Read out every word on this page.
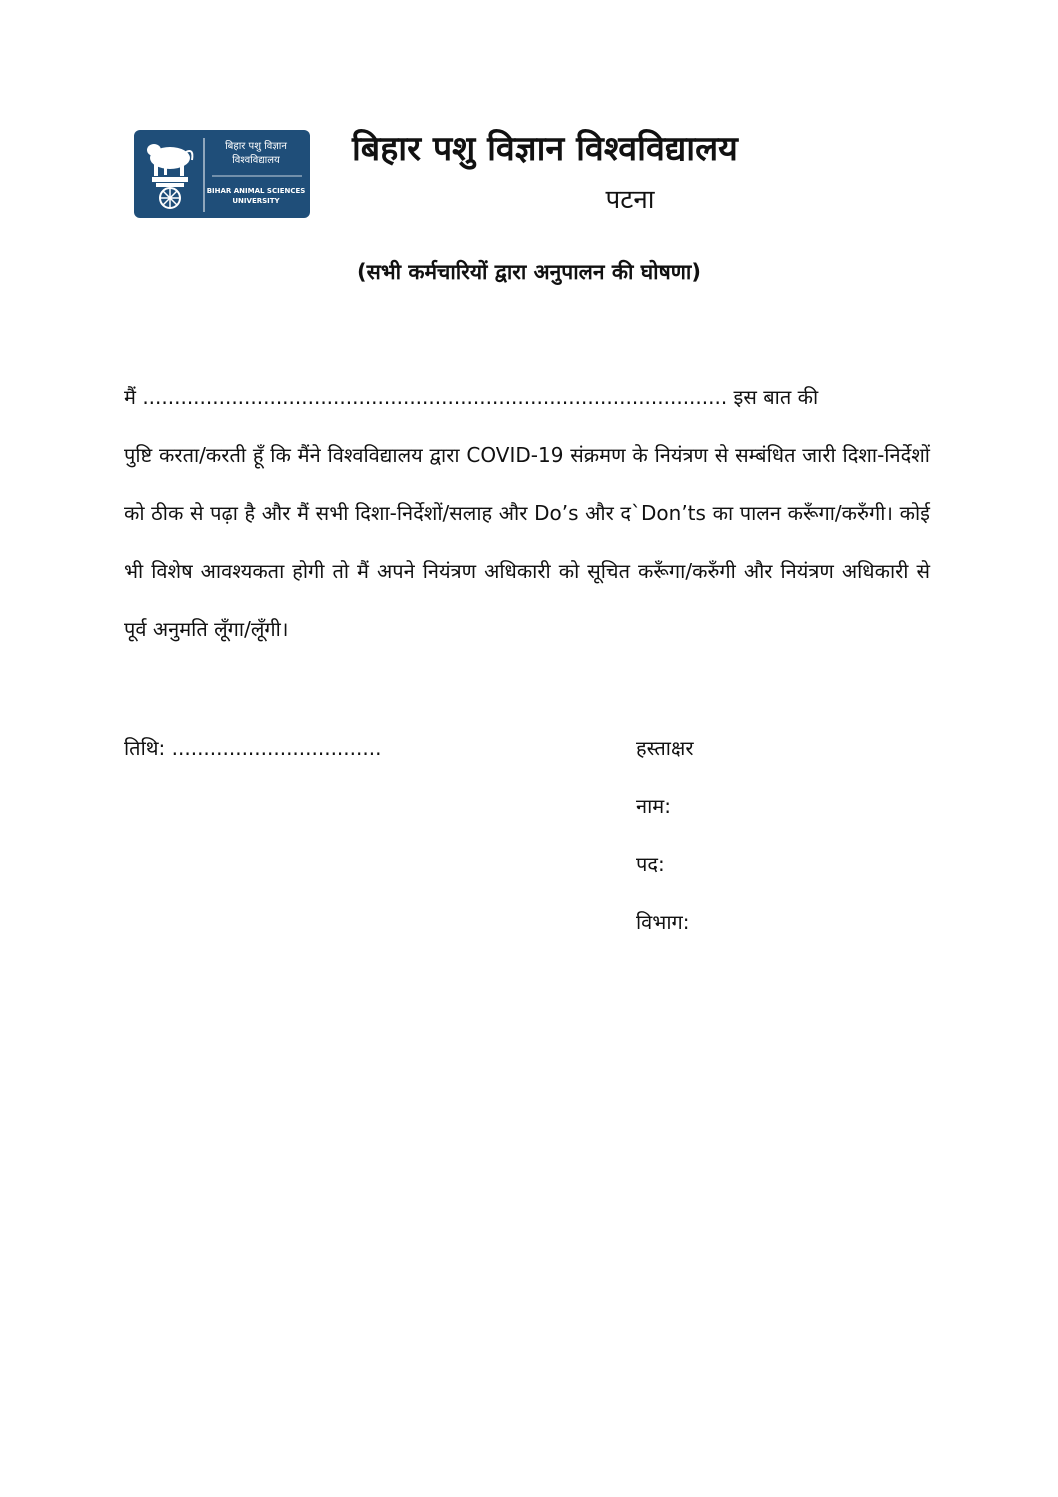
बिहार पशु विज्ञान
विश्वविद्यालय
BIHAR ANIMAL SCIENCES
UNIVERSITY
बिहार पशु विज्ञान विश्वविद्यालय
पटना
(सभी कर्मचारियों द्वारा अनुपालन की घोषणा)
मैं ............................................................................................ इस बात की
पुष्टि करता/करती हूँ कि मैंने विश्वविद्यालय द्वारा COVID-19 संक्रमण के नियंत्रण से सम्बंधित जारी दिशा-निर्देशों को ठीक से पढ़ा है और मैं सभी दिशा-निर्देशों/सलाह और Do’s और द`Don’ts का पालन करूँगा/करुँगी। कोई भी विशेष आवश्यकता होगी तो मैं अपने नियंत्रण अधिकारी को सूचित करूँगा/करुँगी और नियंत्रण अधिकारी से पूर्व अनुमति लूँगा/लूँगी।
तिथि: .................................	हस्ताक्षर
नाम:
पद:
विभाग:
